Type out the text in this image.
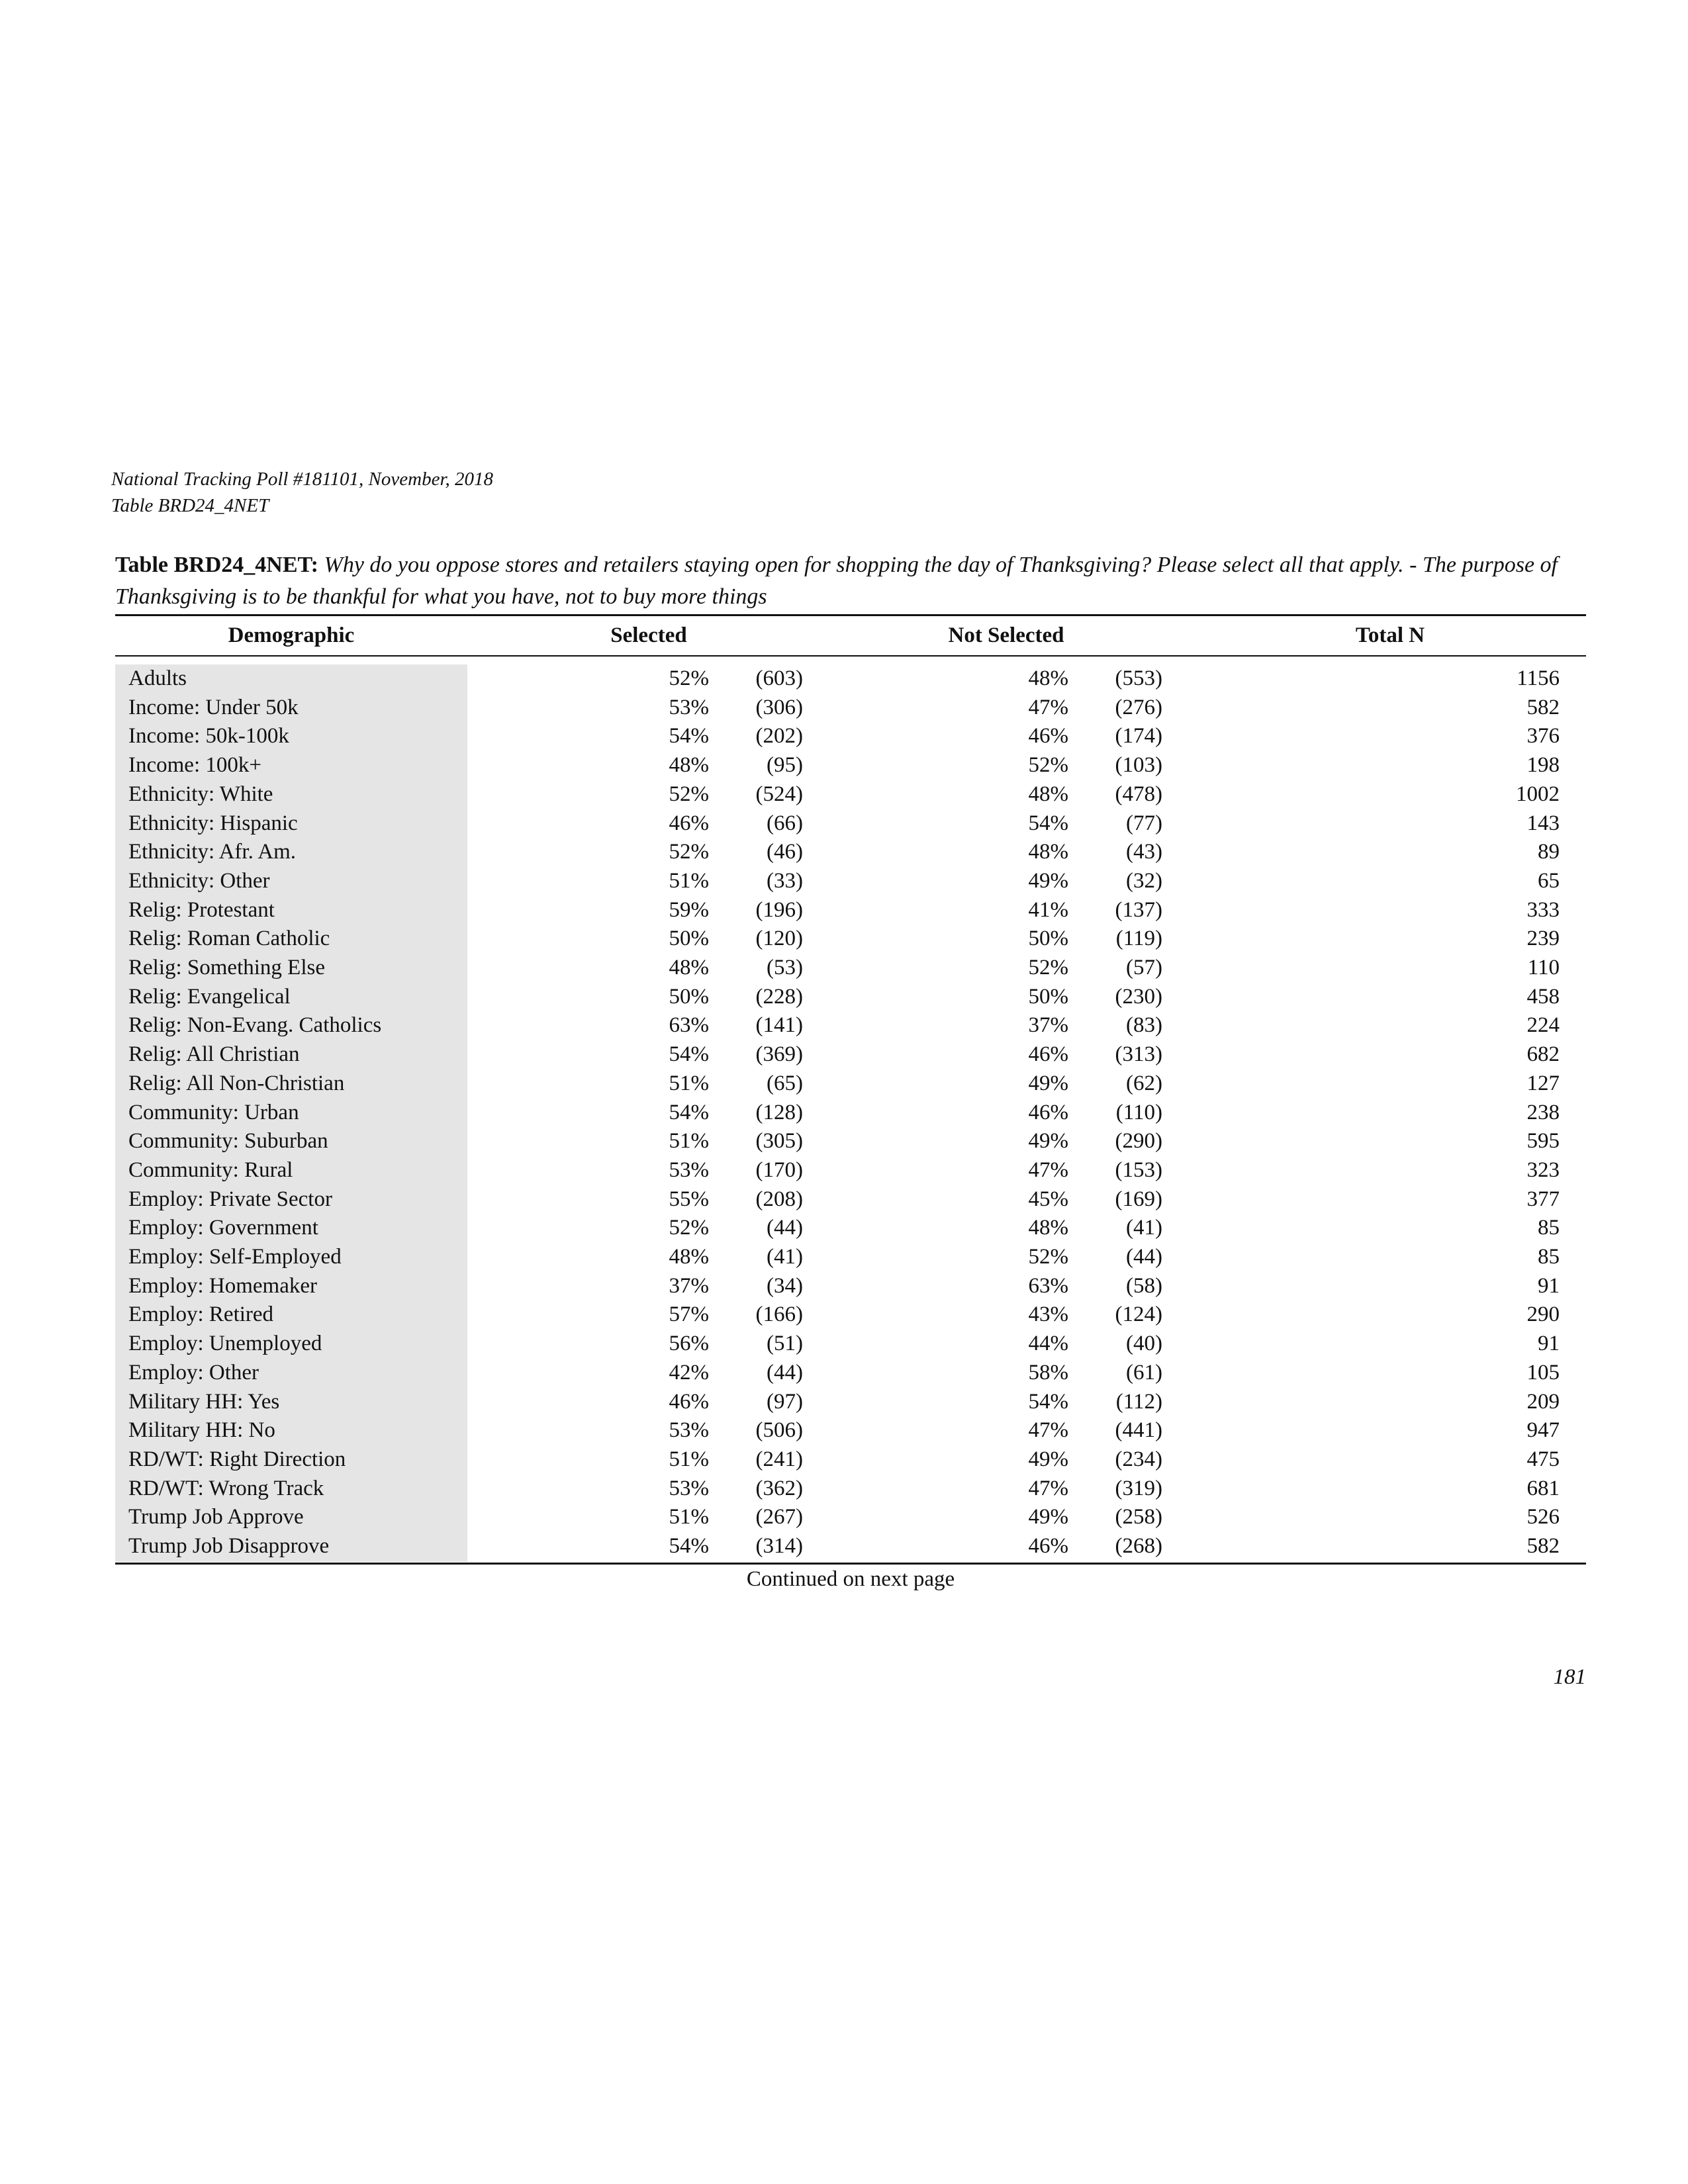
National Tracking Poll #181101, November, 2018
Table BRD24_4NET
Table BRD24_4NET: Why do you oppose stores and retailers staying open for shopping the day of Thanksgiving? Please select all that apply. - The purpose of Thanksgiving is to be thankful for what you have, not to buy more things
Demographic	Selected	Not Selected	Total N
Adults	52% (603)	48% (553)	1156
Income: Under 50k	53% (306)	47% (276)	582
Income: 50k-100k	54% (202)	46% (174)	376
Income: 100k+	48%	(95)	52% (103)	198
Ethnicity: White	52% (524)	48% (478)	1002
Ethnicity: Hispanic	46%	(66)	54%	(77)	143
Ethnicity: Afr. Am.	52%	(46)	48%	(43)	89
Ethnicity: Other	51%	(33)	49%	(32)	65
Relig: Protestant	59% (196)	41% (137)	333
Relig: Roman Catholic	50% (120)	50% (119)	239
Relig: Something Else	48%	(53)	52%	(57)	110
Relig: Evangelical	50% (228)	50% (230)	458
Relig: Non-Evang. Catholics	63% (141)	37%	(83)	224
Relig: All Christian	54% (369)	46% (313)	682
Relig: All Non-Christian	51%	(65)	49%	(62)	127
Community: Urban	54% (128)	46% (110)	238
Community: Suburban	51% (305)	49% (290)	595
Community: Rural	53% (170)	47% (153)	323
Employ: Private Sector	55% (208)	45% (169)	377
Employ: Government	52%	(44)	48%	(41)	85
Employ: Self-Employed	48%	(41)	52%	(44)	85
Employ: Homemaker	37%	(34)	63%	(58)	91
Employ: Retired	57% (166)	43% (124)	290
Employ: Unemployed	56%	(51)	44%	(40)	91
Employ: Other	42%	(44)	58%	(61)	105
Military HH: Yes	46%	(97)	54% (112)	209
Military HH: No	53% (506)	47% (441)	947
RD/WT: Right Direction	51% (241)	49% (234)	475
RD/WT: Wrong Track	53% (362)	47% (319)	681
Trump Job Approve	51% (267)	49% (258)	526
Trump Job Disapprove	54% (314)	46% (268)	582
Continued on next page
181
